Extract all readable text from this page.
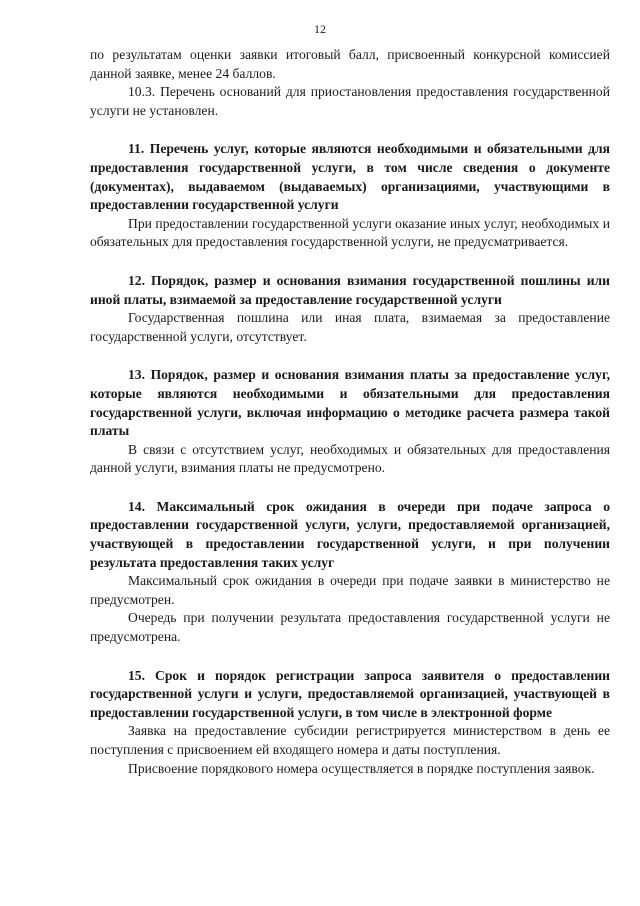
12

по результатам оценки заявки итоговый балл, присвоенный конкурсной комиссией данной заявке, менее 24 баллов.

10.3. Перечень оснований для приостановления предоставления государственной услуги не установлен.

11. Перечень услуг, которые являются необходимыми и обязательными для предоставления государственной услуги, в том числе сведения о документе (документах), выдаваемом (выдаваемых) организациями, участвующими в предоставлении государственной услуги

При предоставлении государственной услуги оказание иных услуг, необходимых и обязательных для предоставления государственной услуги, не предусматривается.

12. Порядок, размер и основания взимания государственной пошлины или иной платы, взимаемой за предоставление государственной услуги

Государственная пошлина или иная плата, взимаемая за предоставление государственной услуги, отсутствует.

13. Порядок, размер и основания взимания платы за предоставление услуг, которые являются необходимыми и обязательными для предоставления государственной услуги, включая информацию о методике расчета размера такой платы

В связи с отсутствием услуг, необходимых и обязательных для предоставления данной услуги, взимания платы не предусмотрено.

14. Максимальный срок ожидания в очереди при подаче запроса о предоставлении государственной услуги, услуги, предоставляемой организацией, участвующей в предоставлении государственной услуги, и при получении результата предоставления таких услуг

Максимальный срок ожидания в очереди при подаче заявки в министерство не предусмотрен.

Очередь при получении результата предоставления государственной услуги не предусмотрена.

15. Срок и порядок регистрации запроса заявителя о предоставлении государственной услуги и услуги, предоставляемой организацией, участвующей в предоставлении государственной услуги, в том числе в электронной форме

Заявка на предоставление субсидии регистрируется министерством в день ее поступления с присвоением ей входящего номера и даты поступления.

Присвоение порядкового номера осуществляется в порядке поступления заявок.
